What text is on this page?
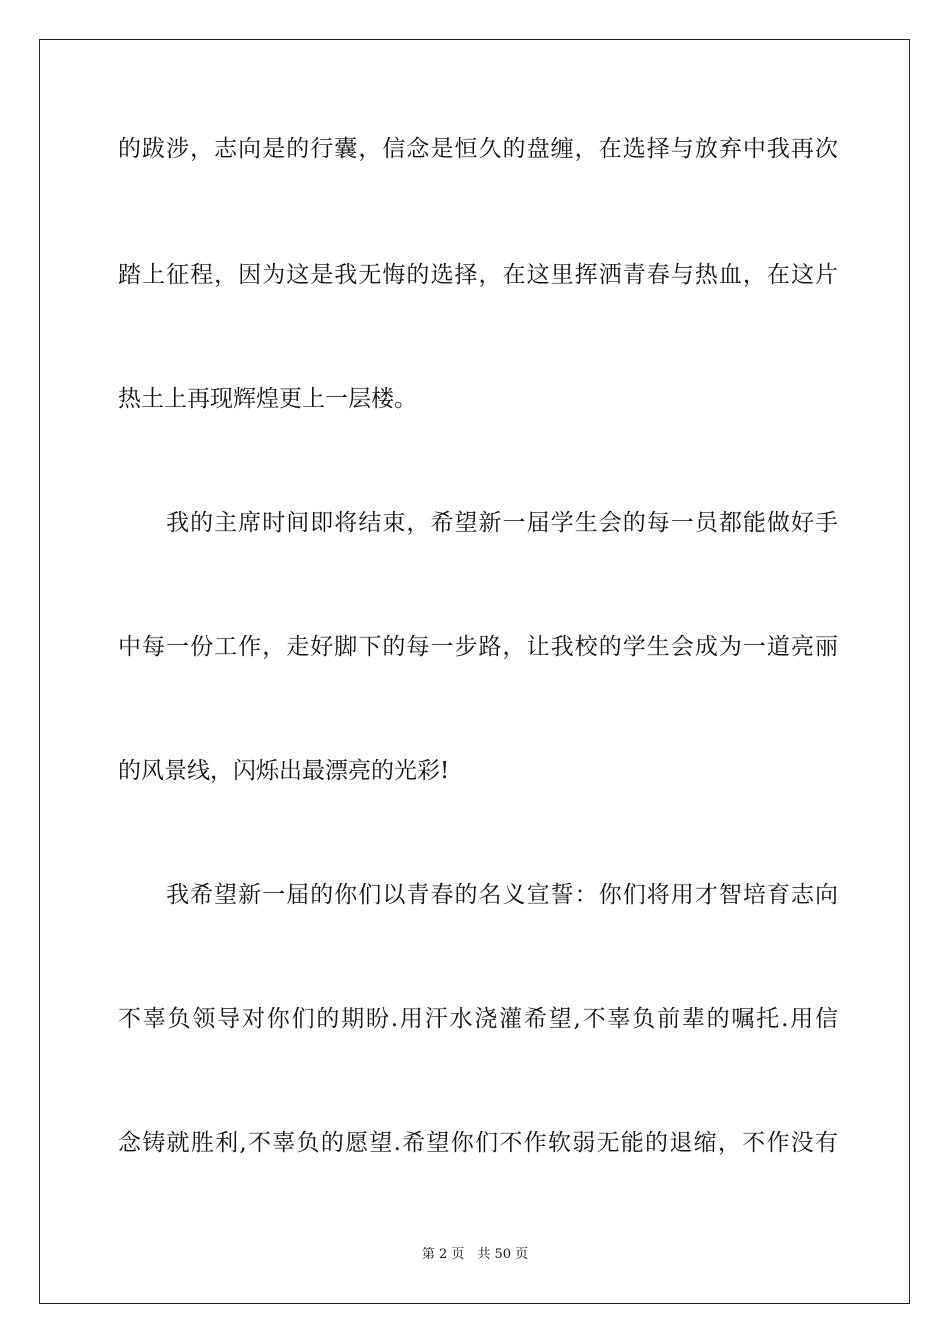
的跋涉，志向是的行囊，信念是恒久的盘缠，在选择与放弃中我再次
踏上征程，因为这是我无悔的选择，在这里挥洒青春与热血，在这片
热土上再现辉煌更上一层楼。
　　我的主席时间即将结束，希望新一届学生会的每一员都能做好手
中每一份工作，走好脚下的每一步路，让我校的学生会成为一道亮丽
的风景线，闪烁出最漂亮的光彩!
　　我希望新一届的你们以青春的名义宣誓：你们将用才智培育志向
不辜负领导对你们的期盼.用汗水浇灌希望,不辜负前辈的嘱托.用信
念铸就胜利,不辜负的愿望.希望你们不作软弱无能的退缩，不作没有
第 2 页　共 50 页
